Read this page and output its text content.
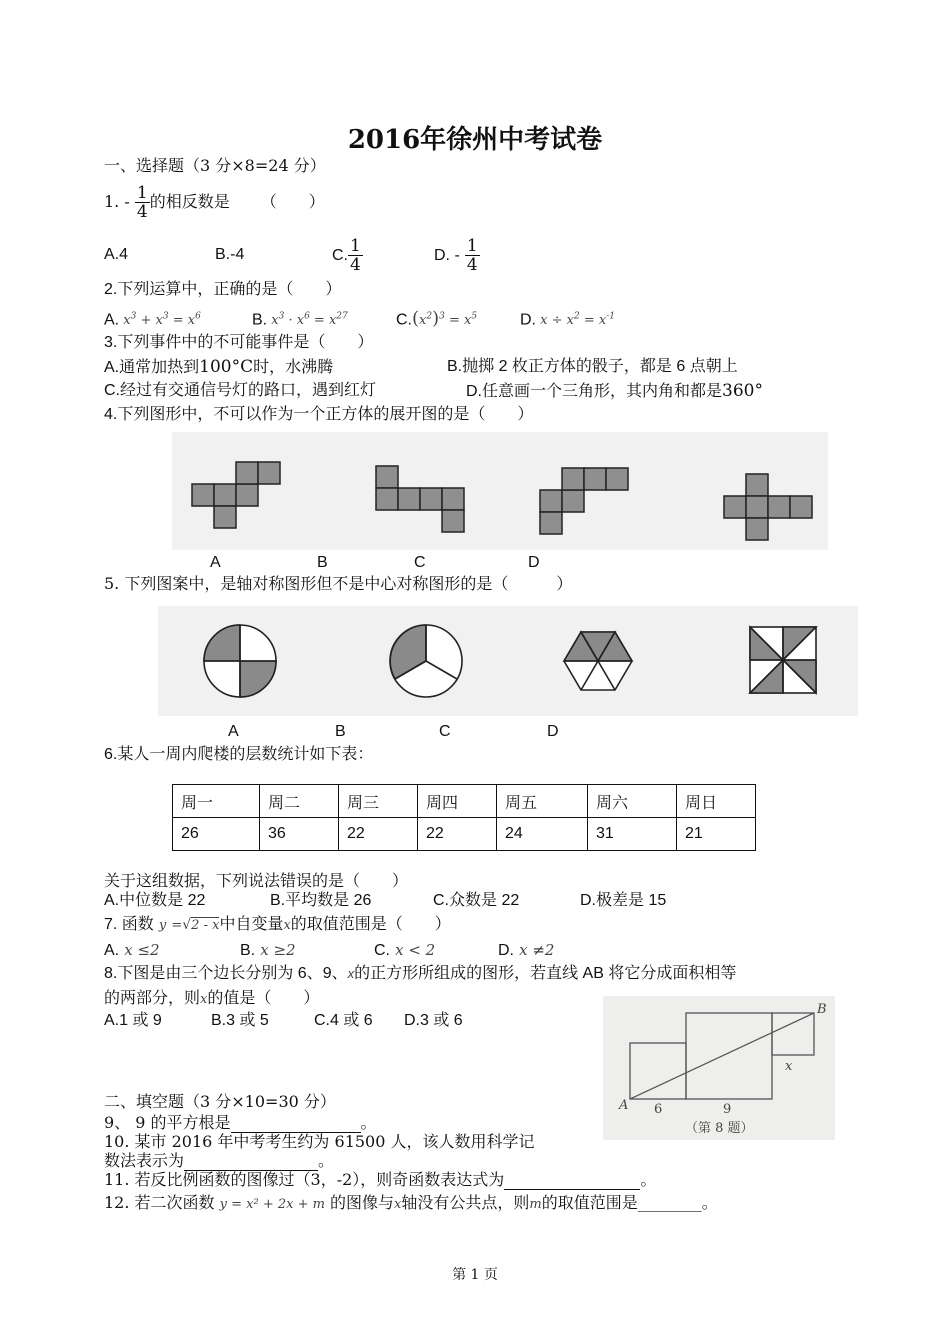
2016年徐州中考试卷
一、选择题（3 分×8=24 分）
1. - $\frac{1}{4}$ 的相反数是 （　　）
A.4	B.-4	C. $\frac{1}{4}$	D. - $\frac{1}{4}$
2.下列运算中，正确的是（　　）
A. $x^3 + x^3 = x^6$	B. $x^3 \cdot x^6 = x^{27}$	$C.(x^2)^3 = x^5$	D. $x \div x^2 = x^{-1}$
3.下列事件中的不可能事件是（　　）
A.通常加热到100°C时，水沸腾	B.抛掷 2 枚正方体的骰子，都是 6 点朝上
C.经过有交通信号灯的路口，遇到红灯	D.任意画一个三角形，其内角和都是360°
4.下列图形中，不可以作为一个正方体的展开图的是（　　）
A	B	C	D
5. 下列图案中，是轴对称图形但不是中心对称图形的是（　　　）
A	B	C	D
6.某人一周内爬楼的层数统计如下表：
周一	周二	周三	周四	周五	周六	周日
26	36	22	22	24	31	21
关于这组数据，下列说法错误的是（　　）
A.中位数是 22	B.平均数是 26	C.众数是 22	D.极差是 15
7. 函数 y =√2 - x中自变量x的取值范围是（　　）
A. x ≤2	B. x ≥2	C. x < 2	D. x ≠2
8.下图是由三个边长分别为 6、9、x的正方形所组成的图形，若直线 AB 将它分成面积相等
的两部分，则x的值是（　　）
A.1 或 9	B.3 或 5	C.4 或 6 D.3 或 6
A
B
x
6	9
（第 8 题）
二、填空题（3 分×10=30 分）
9、 9 的平方根是	。
10. 某市 2016 年中考考生约为 61500 人，该人数用科学记
数法表示为	。
11. 若反比例函数的图像过（3，-2），则奇函数表达式为	。
12. 若二次函数 y = x² + 2x + m 的图像与x轴没有公共点，则m的取值范围是________。
第 1 页
